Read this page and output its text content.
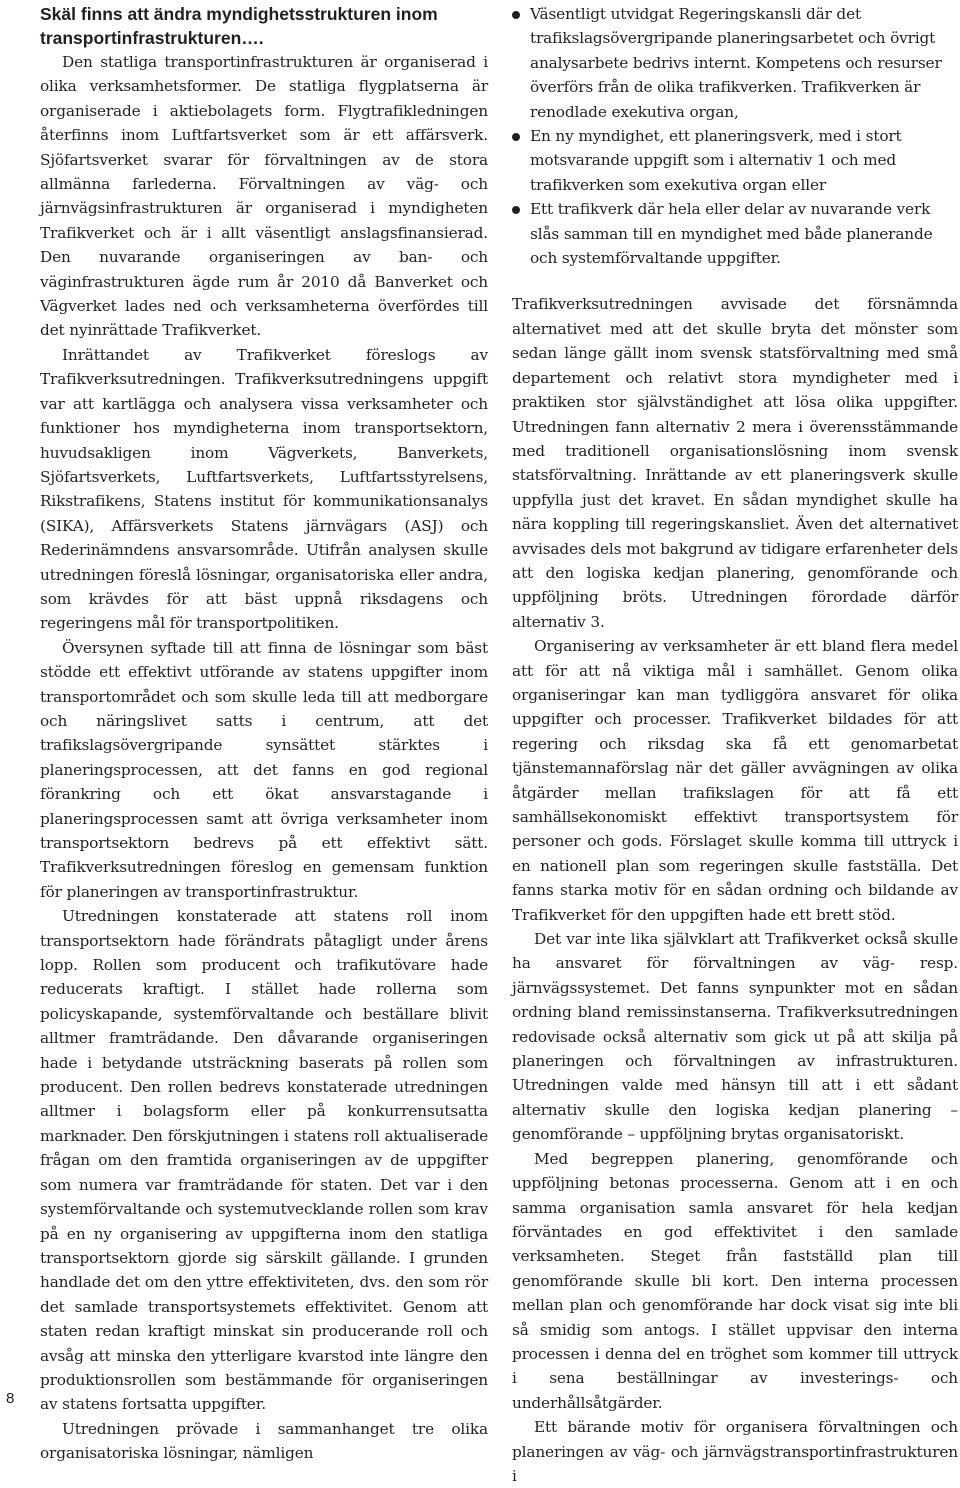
Skäl finns att ändra myndighetsstrukturen inom transportinfrastrukturen….

Den statliga transportinfrastrukturen är organiserad i olika verksamhetsformer. De statliga flygplatserna är organiserade i aktiebolagets form. Flygtrafikledningen återfinns inom Luftfartsverket som är ett affärsverk. Sjöfartsverket svarar för förvaltningen av de stora allmänna farlederna. Förvaltningen av väg- och järnvägsinfrastrukturen är organiserad i myndigheten Trafikverket och är i allt väsentligt anslagsfinansierad. Den nuvarande organiseringen av ban- och väginfrastrukturen ägde rum år 2010 då Banverket och Vägverket lades ned och verksamheterna överfördes till det nyinrättade Trafikverket.

Inrättandet av Trafikverket föreslogs av Trafikverksutredningen. Trafikverksutredningens uppgift var att kartlägga och analysera vissa verksamheter och funktioner hos myndigheterna inom transportsektorn, huvudsakligen inom Vägverkets, Banverkets, Sjöfartsverkets, Luftfartsverkets, Luftfartsstyrelsens, Rikstrafikens, Statens institut för kommunikationsanalys (SIKA), Affärsverkets Statens järnvägars (ASJ) och Rederinämndens ansvarsområde. Utifrån analysen skulle utredningen föreslå lösningar, organisatoriska eller andra, som krävdes för att bäst uppnå riksdagens och regeringens mål för transportpolitiken.

Översynen syftade till att finna de lösningar som bäst stödde ett effektivt utförande av statens uppgifter inom transportområdet och som skulle leda till att medborgare och näringslivet satts i centrum, att det trafikslagsövergripande synsättet stärktes i planeringsprocessen, att det fanns en god regional förankring och ett ökat ansvarstagande i planeringsprocessen samt att övriga verksamheter inom transportsektorn bedrevs på ett effektivt sätt. Trafikverksutredningen föreslog en gemensam funktion för planeringen av transportinfrastruktur.

Utredningen konstaterade att statens roll inom transportsektorn hade förändrats påtagligt under årens lopp. Rollen som producent och trafikutövare hade reducerats kraftigt. I stället hade rollerna som policyskapande, systemförvaltande och beställare blivit alltmer framträdande. Den dåvarande organiseringen hade i betydande utsträckning baserats på rollen som producent. Den rollen bedrevs konstaterade utredningen alltmer i bolagsform eller på konkurrensutsatta marknader. Den förskjutningen i statens roll aktualiserade frågan om den framtida organiseringen av de uppgifter som numera var framträdande för staten. Det var i den systemförvaltande och systemutvecklande rollen som krav på en ny organisering av uppgifterna inom den statliga transportsektorn gjorde sig särskilt gällande. I grunden handlade det om den yttre effektiviteten, dvs. den som rör det samlade transportsystemets effektivitet. Genom att staten redan kraftigt minskat sin producerande roll och avsåg att minska den ytterligare kvarstod inte längre den produktionsrollen som bestämmande för organiseringen av statens fortsatta uppgifter.

Utredningen prövade i sammanhanget tre olika organisatoriska lösningar, nämligen

Väsentligt utvidgat Regeringskansli där det trafikslagsövergripande planeringsarbetet och övrigt analysarbete bedrivs internt. Kompetens och resurser överförs från de olika trafikverken. Trafikverken är renodlade exekutiva organ,
En ny myndighet, ett planeringsverk, med i stort motsvarande uppgift som i alternativ 1 och med trafikverken som exekutiva organ eller
Ett trafikverk där hela eller delar av nuvarande verk slås samman till en myndighet med både planerande och systemförvaltande uppgifter.

Trafikverksutredningen avvisade det försnämnda alternativet med att det skulle bryta det mönster som sedan länge gällt inom svensk statsförvaltning med små departement och relativt stora myndigheter med i praktiken stor självständighet att lösa olika uppgifter. Utredningen fann alternativ 2 mera i överensstämmande med traditionell organisationslösning inom svensk statsförvaltning. Inrättande av ett planeringsverk skulle uppfylla just det kravet. En sådan myndighet skulle ha nära koppling till regeringskansliet. Även det alternativet avvisades dels mot bakgrund av tidigare erfarenheter dels att den logiska kedjan planering, genomförande och uppföljning bröts. Utredningen förordade därför alternativ 3.

Organisering av verksamheter är ett bland flera medel att för att nå viktiga mål i samhället. Genom olika organiseringar kan man tydliggöra ansvaret för olika uppgifter och processer. Trafikverket bildades för att regering och riksdag ska få ett genomarbetat tjänstemannaförslag när det gäller avvägningen av olika åtgärder mellan trafikslagen för att få ett samhällsekonomiskt effektivt transportsystem för personer och gods. Förslaget skulle komma till uttryck i en nationell plan som regeringen skulle fastställa. Det fanns starka motiv för en sådan ordning och bildande av Trafikverket för den uppgiften hade ett brett stöd.

Det var inte lika självklart att Trafikverket också skulle ha ansvaret för förvaltningen av väg- resp. järnvägssystemet. Det fanns synpunkter mot en sådan ordning bland remissinstanserna. Trafikverksutredningen redovisade också alternativ som gick ut på att skilja på planeringen och förvaltningen av infrastrukturen. Utredningen valde med hänsyn till att i ett sådant alternativ skulle den logiska kedjan planering – genomförande – uppföljning brytas organisatoriskt.

Med begreppen planering, genomförande och uppföljning betonas processerna. Genom att i en och samma organisation samla ansvaret för hela kedjan förväntades en god effektivitet i den samlade verksamheten. Steget från fastställd plan till genomförande skulle bli kort. Den interna processen mellan plan och genomförande har dock visat sig inte bli så smidig som antogs. I stället uppvisar den interna processen i denna del en tröghet som kommer till uttryck i sena beställningar av investerings- och underhållsåtgärder.

Ett bärande motiv för organisera förvaltningen och planeringen av väg- och järnvägstransportinfrastrukturen i

8
